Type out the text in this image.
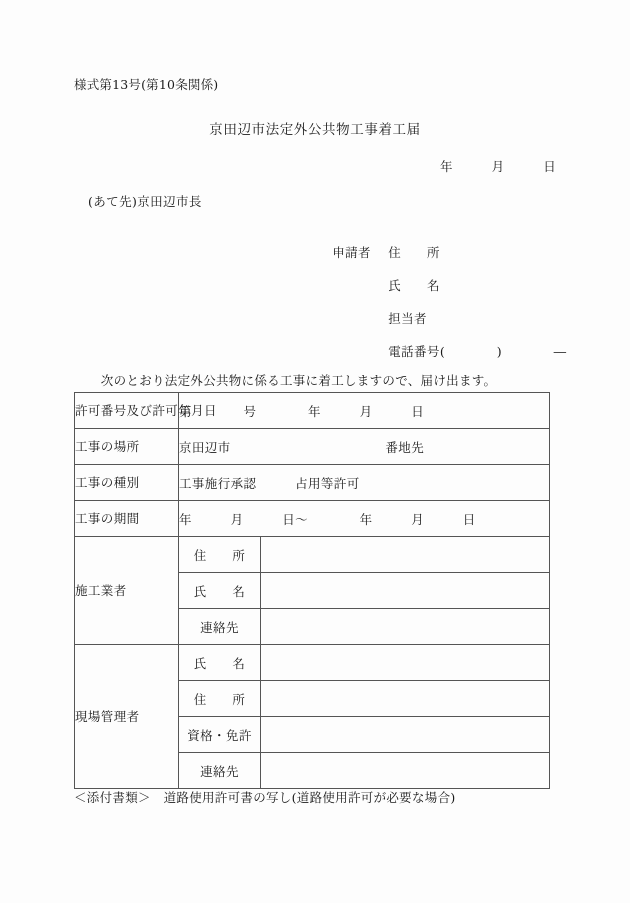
様式第13号(第10条関係)
京田辺市法定外公共物工事着工届
年　　　月　　　日
(あて先)京田辺市長

申請者 住　　所

氏　　名

担当者

電話番号(　　　　)　　　　―

　次のとおり法定外公共物に係る工事に着工しますので、届け出ます。
許可番号及び許可年月日	第　　　　号　　　　年　　　月　　　日	
工事の場所	京田辺市　　　　　　　　　　　　番地先	
工事の種別	工事施行承認　　　占用等許可	
工事の期間	年　　　月　　　日〜　　　　年　　　月　　　日	
施工業者	住　　所	
	氏　　名	
	連絡先	
現場管理者	氏　　名	
	住　　所	
	資格・免許	
	連絡先	
＜添付書類＞　道路使用許可書の写し(道路使用許可が必要な場合)
